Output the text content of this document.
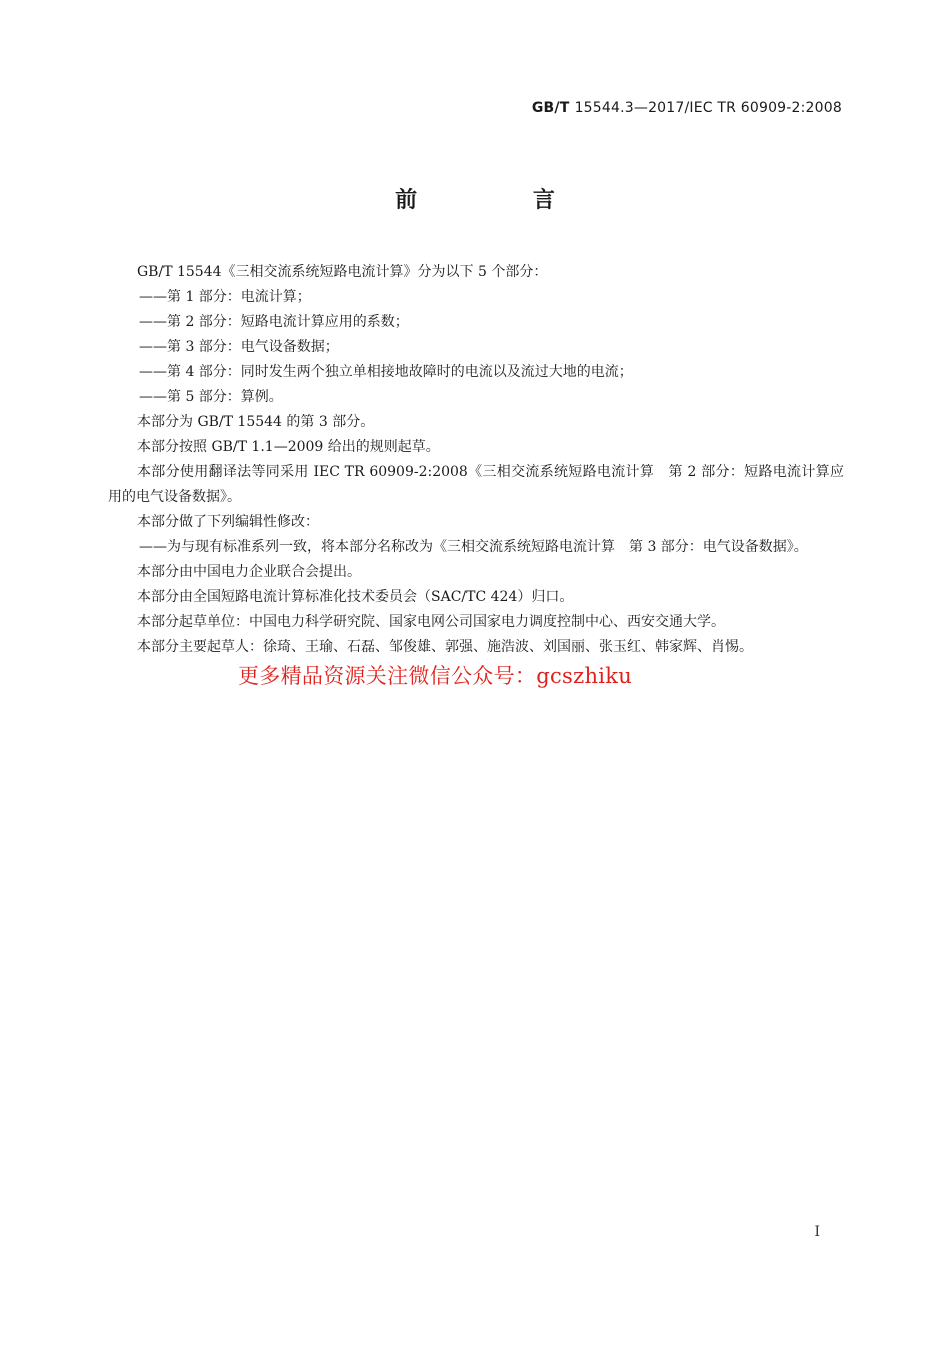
GB/T 15544.3—2017/IEC TR 60909-2:2008
前 言

GB/T 15544《三相交流系统短路电流计算》分为以下 5 个部分：

——第 1 部分：电流计算；

——第 2 部分：短路电流计算应用的系数；

——第 3 部分：电气设备数据；

——第 4 部分：同时发生两个独立单相接地故障时的电流以及流过大地的电流；

——第 5 部分：算例。

本部分为 GB/T 15544 的第 3 部分。

本部分按照 GB/T 1.1—2009 给出的规则起草。

本部分使用翻译法等同采用 IEC TR 60909-2:2008《三相交流系统短路电流计算　第 2 部分：短路电流计算应用的电气设备数据》。

本部分做了下列编辑性修改：

——为与现有标准系列一致，将本部分名称改为《三相交流系统短路电流计算　第 3 部分：电气设备数据》。

本部分由中国电力企业联合会提出。

本部分由全国短路电流计算标准化技术委员会（SAC/TC 424）归口。

本部分起草单位：中国电力科学研究院、国家电网公司国家电力调度控制中心、西安交通大学。

本部分主要起草人：徐琦、王瑜、石磊、邹俊雄、郭强、施浩波、刘国丽、张玉红、韩家辉、肖惕。

更多精品资源关注微信公众号：gcszhiku
I
